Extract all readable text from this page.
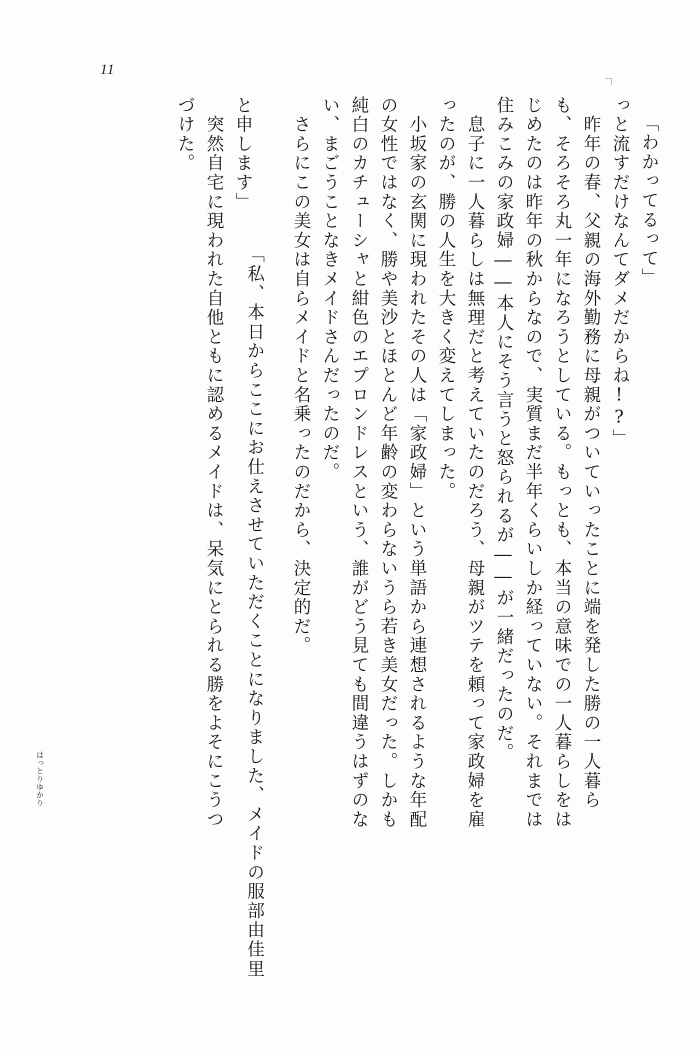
11
「わかってるって」
っと流すだけなんてダメだからね!?」
　昨年の春、父親の海外勤務に母親がついていったことに端を発した勝の一人暮ら
も、そろそろ丸一年になろうとしている。もっとも、本当の意味での一人暮らしをは
じめたのは昨年の秋からなので、実質まだ半年くらいしか経っていない。それまでは
住みこみの家政婦――本人にそう言うと怒られるが――が一緒だったのだ。
　息子に一人暮らしは無理だと考えていたのだろう、母親がツテを頼って家政婦を雇
ったのが、勝の人生を大きく変えてしまった。
　小坂家の玄関に現われたその人は「家政婦」という単語から連想されるような年配
の女性ではなく、勝や美沙とほとんど年齢の変わらないうら若き美女だった。しかも
純白のカチューシャと紺色のエプロンドレスという、誰がどう見ても間違うはずのな
い、まごうことなきメイドさんだったのだ。
　さらにこの美女は自らメイドと名乗ったのだから、決定的だ。

はっとりゆかり

	「私、本日からここにお仕えさせていただくことになりました、メイドの服部由佳里

と申します」
　突然自宅に現われた自他ともに認めるメイドは、呆気にとられる勝をよそにこうつ
づけた。
